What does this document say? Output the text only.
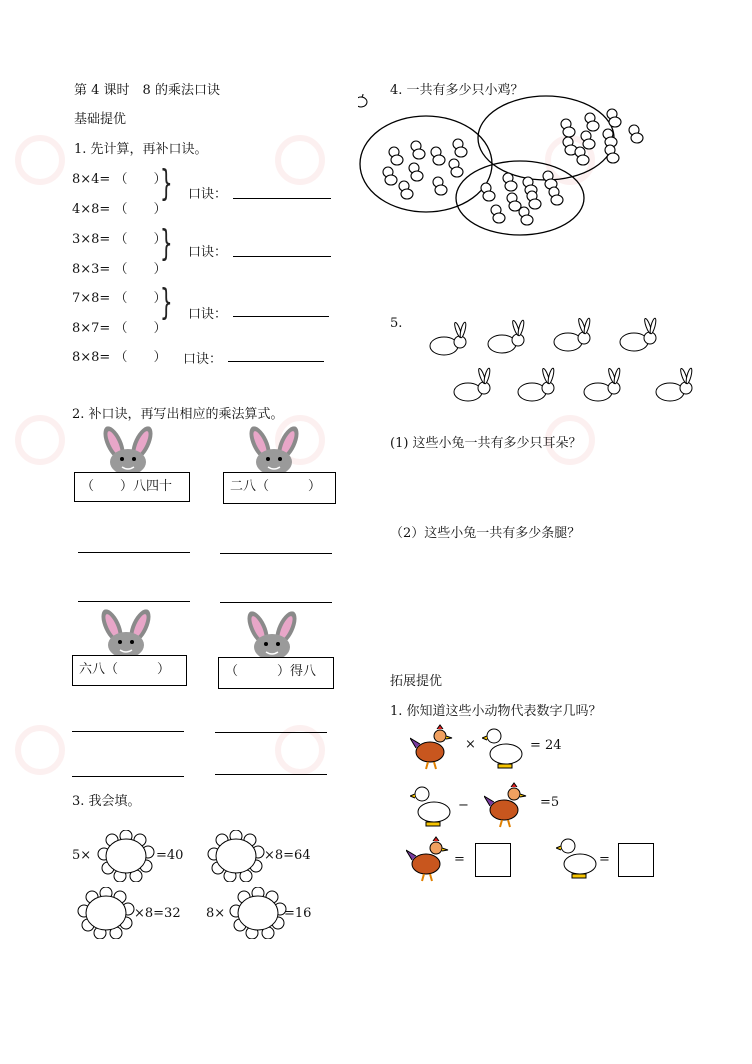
第 4 课时　8 的乘法口诀
基础提优
1. 先计算，再补口诀。
8×4= （　　）
4×8= （　　）
} 口诀：
3×8= （　　）
8×3= （　　）
} 口诀：
7×8= （　　）
8×7= （　　）
} 口诀：
8×8= （　　） 口诀：
2. 补口诀，再写出相应的乘法算式。
（　　）八四十	二八（　　　）
六八（　　　）	（　　　）得八
3. 我会填。
5×	=40	×8=64
×8=32 8×	=16
4. 一共有多少只小鸡？
5.
(1) 这些小兔一共有多少只耳朵？
（2）这些小兔一共有多少条腿？
拓展提优
1. 你知道这些小动物代表数字几吗？
×	= 24
−	=5
=	=
